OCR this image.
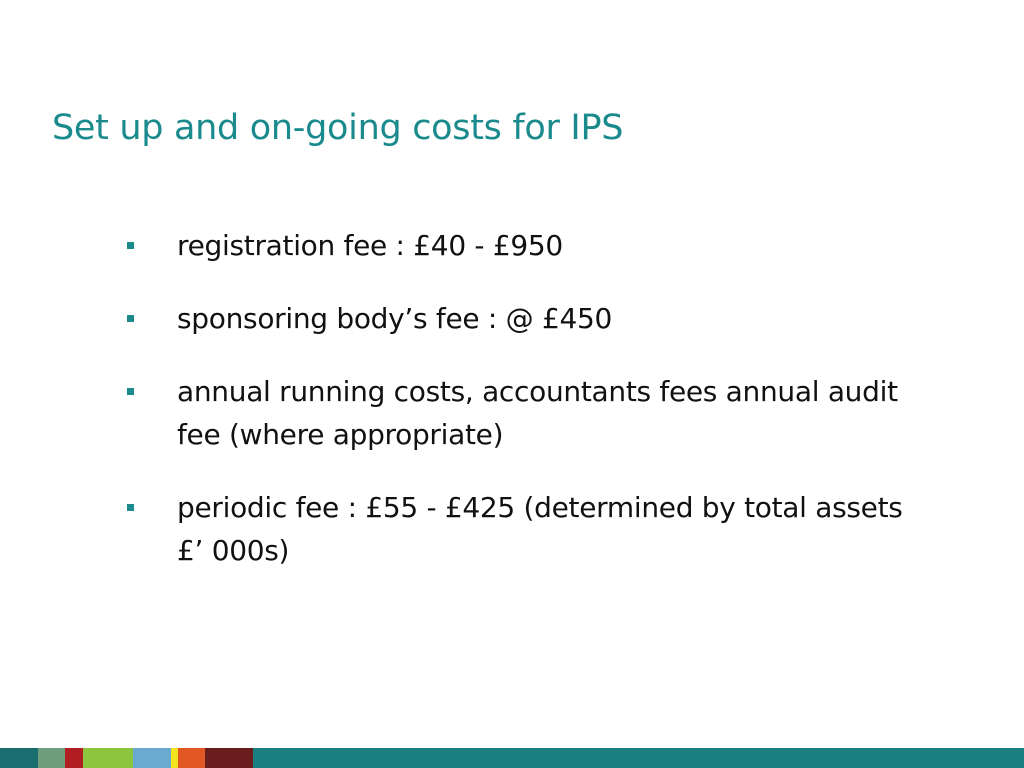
Set up and on-going costs for IPS
registration fee : £40 - £950
sponsoring body’s fee : @ £450
annual running costs, accountants fees annual audit fee (where appropriate)
periodic fee : £55 - £425 (determined by total assets £’ 000s)
